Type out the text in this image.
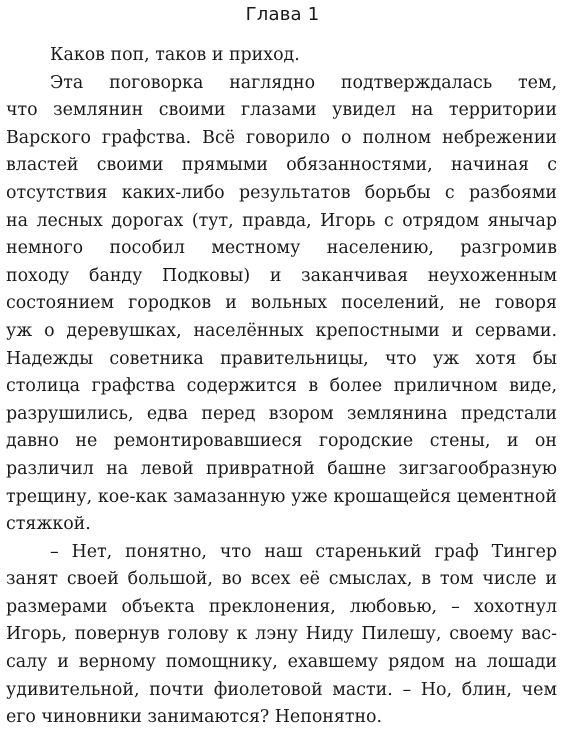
Глава 1
Каков поп, таков и приход.
Эта поговорка наглядно подтверждалась тем,
что землянин своими глазами увидел на территории
Варского графства. Всё говорило о полном небрежении
властей своими прямыми обязанностями, начиная с
отсутствия каких-либо результатов борьбы с разбоями
на лесных дорогах (тут, правда, Игорь с отрядом янычар
немного пособил местному населению, разгромив
походу банду Подковы) и заканчивая неухоженным
состоянием городков и вольных поселений, не говоря
уж о деревушках, населённых крепостными и сервами.
Надежды советника правительницы, что уж хотя бы
столица графства содержится в более приличном виде,
разрушились, едва перед взором землянина предстали
давно не ремонтировавшиеся городские стены, и он
различил на левой привратной башне зигзагообразную
трещину, кое-как замазанную уже крошащейся цементной
стяжкой.
– Нет, понятно, что наш старенький граф Тингер
занят своей большой, во всех её смыслах, в том числе и
размерами объекта преклонения, любовью, – хохотнул
Игорь, повернув голову к лэну Ниду Пилешу, своему вас-
салу и верному помощнику, ехавшему рядом на лошади
удивительной, почти фиолетовой масти. – Но, блин, чем
его чиновники занимаются? Непонятно.
